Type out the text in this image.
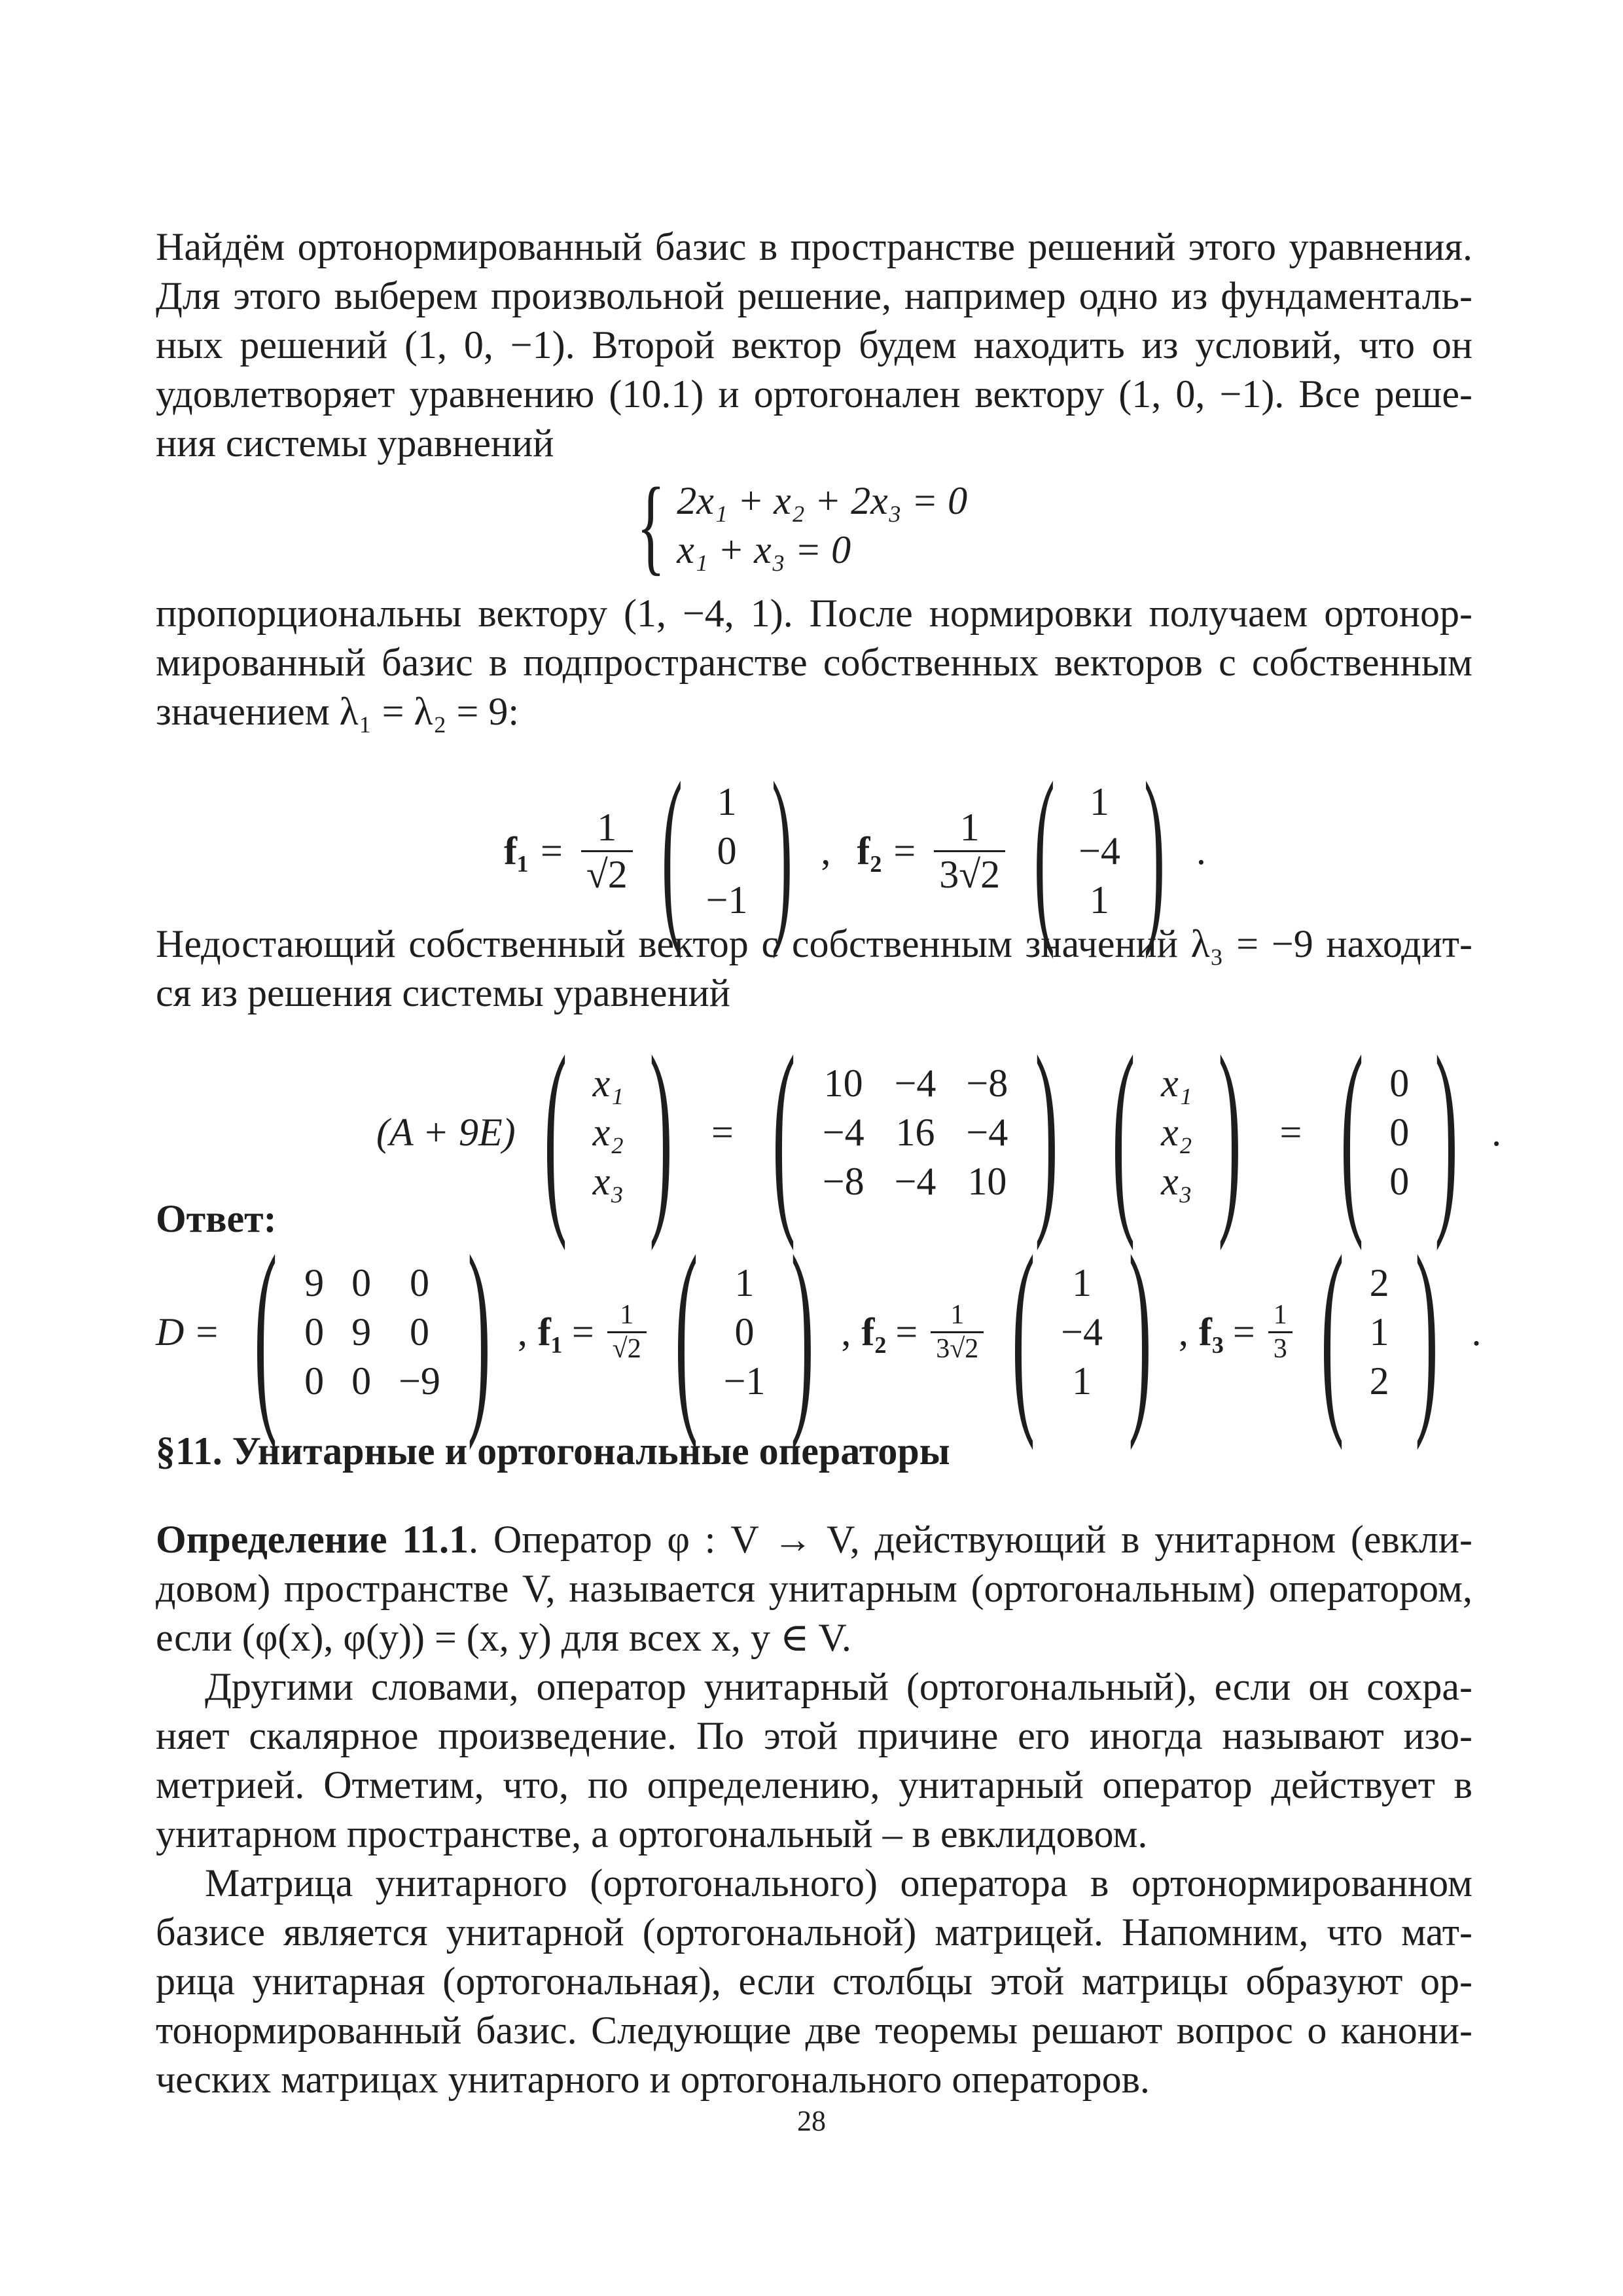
Найдём ортонормированный базис в пространстве решений этого уравнения.
Для этого выберем произвольной решение, например одно из фундаменталь-
ных решений (1, 0, −1). Второй вектор будем находить из условий, что он
удовлетворяет уравнению (10.1) и ортогонален вектору (1, 0, −1). Все реше-
ния системы уравнений
{ 2x₁ + x₂ + 2x₃ = 0
x₁ + x₃ = 0
пропорциональны вектору (1, −4, 1). После нормировки получаем ортонор-
мированный базис в подпространстве собственных векторов с собственным
значением λ₁ = λ₂ = 9:
$f_1 = \frac{1}{√2}$ ( 1
0
−1 ) , $f_2 = \frac{1}{3√2}$ ( 1
−4
1 ) .
Недостающий собственный вектор с собственным значений λ₃ = −9 находит-
ся из решения системы уравнений
(A + 9E) ( x₁
x₂
x₃ ) = ( 10 −4 −8
−4 16 −4
−8 −4 10 ) ( x₁
x₂
x₃ ) = ( 0
0
0 ) .
Ответ:
D = ( 9 0 0
0 9 0
0 0 −9 ) , $f_1 = \frac{1}{√2}$ ( 1
0
−1 ) , $f_2 = \frac{1}{3√2}$ ( 1
−4
1 ) , $f_3 = \frac{1}{3}$ ( 2
1
2 ) .
§11. Унитарные и ортогональные операторы
Определение 11.1. Оператор φ : V → V, действующий в унитарном (евкли-
довом) пространстве V, называется унитарным (ортогональным) оператором,
если (φ(x), φ(y)) = (x, y) для всех x, y ∈ V.
Другими словами, оператор унитарный (ортогональный), если он сохра-
няет скалярное произведение. По этой причине его иногда называют изо-
метрией. Отметим, что, по определению, унитарный оператор действует в
унитарном пространстве, а ортогональный – в евклидовом.
Матрица унитарного (ортогонального) оператора в ортонормированном
базисе является унитарной (ортогональной) матрицей. Напомним, что мат-
рица унитарная (ортогональная), если столбцы этой матрицы образуют ор-
тонормированный базис. Следующие две теоремы решают вопрос о канони-
ческих матрицах унитарного и ортогонального операторов.
28
